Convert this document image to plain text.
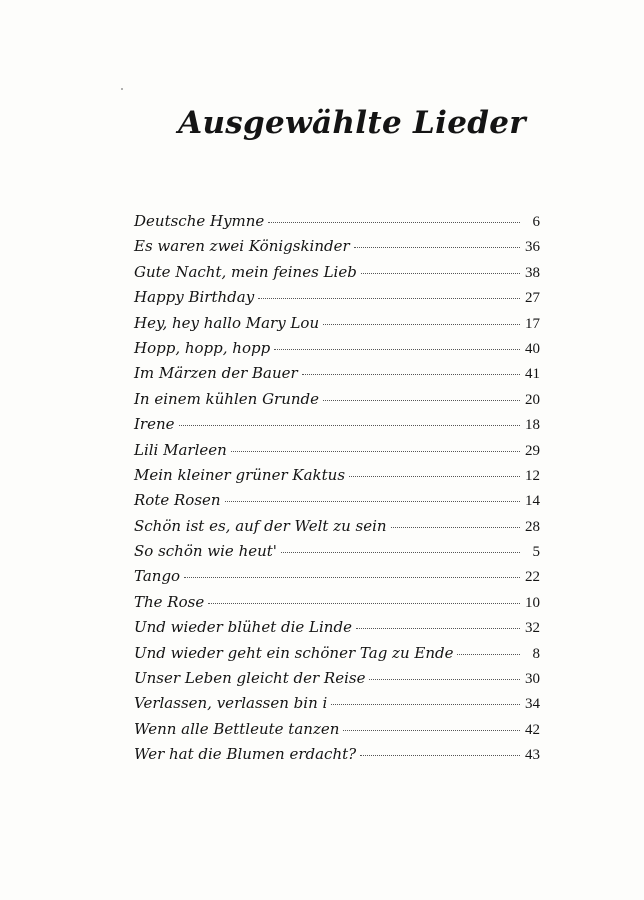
Ausgewählte Lieder
Deutsche Hymne	6
Es waren zwei Königskinder	36
Gute Nacht, mein feines Lieb	38
Happy Birthday	27
Hey, hey hallo Mary Lou	17
Hopp, hopp, hopp	40
Im Märzen der Bauer	41
In einem kühlen Grunde	20
Irene	18
Lili Marleen	29
Mein kleiner grüner Kaktus	12
Rote Rosen	14
Schön ist es, auf der Welt zu sein	28
So schön wie heut'	5
Tango	22
The Rose	10
Und wieder blühet die Linde	32
Und wieder geht ein schöner Tag zu Ende	8
Unser Leben gleicht der Reise	30
Verlassen, verlassen bin i	34
Wenn alle Bettleute tanzen	42
Wer hat die Blumen erdacht?	43
